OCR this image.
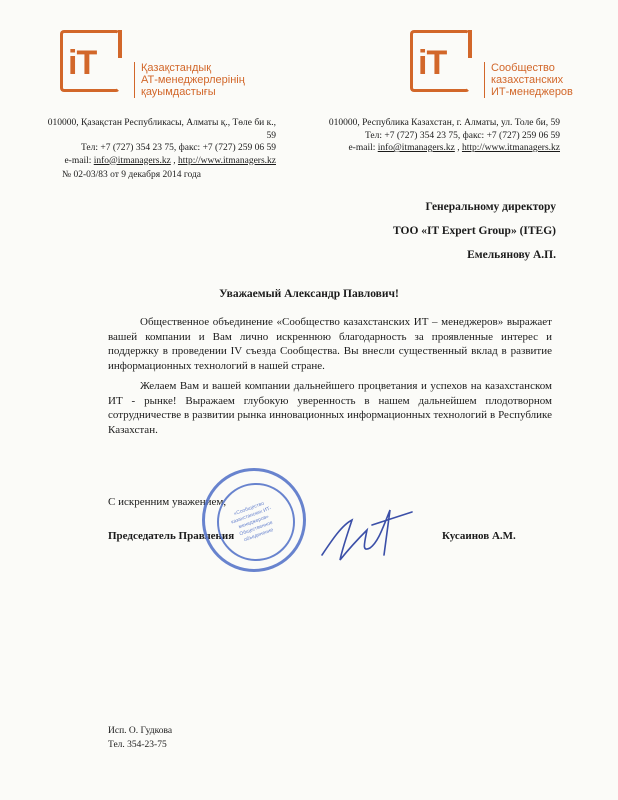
iT
	Қазақстандық
АТ-менеджерлерінің
қауымдастығы
iT
	Сообщество
казахстанских
ИТ-менеджеров
010000, Қазақстан Республикасы, Алматы қ., Төле би к., 59
Тел: +7 (727) 354 23 75, факс: +7 (727) 259 06 59
e-mail: info@itmanagers.kz , http://www.itmanagers.kz
010000, Республика Казахстан, г. Алматы, ул. Толе би, 59
Тел: +7 (727) 354 23 75, факс: +7 (727) 259 06 59
e-mail: info@itmanagers.kz , http://www.itmanagers.kz
№ 02-03/83 от 9 декабря 2014 года
Генеральному директору
ТОО «IT Expert Group» (ITEG)
Емельянову А.П.
Уважаемый Александр Павлович!

Общественное объединение «Сообщество казахстанских ИТ – менеджеров» выражает вашей компании и Вам лично искреннюю благодарность за проявленные интерес и поддержку в проведении IV съезда Сообщества. Вы внесли существенный вклад в развитие информационных технологий в нашей стране.

Желаем Вам и вашей компании дальнейшего процветания и успехов на казахстанском ИТ - рынке! Выражаем глубокую уверенность в нашем дальнейшем плодотворном сотрудничестве в развитии рынка инновационных информационных технологий в Республике Казахстан.

С искренним уважением,
Председатель Правления	Кусаинов А.М.
«Сообщество казахстанских ИТ-менеджеров» Общественное объединение
Исп. О. Гудкова
Тел. 354-23-75
